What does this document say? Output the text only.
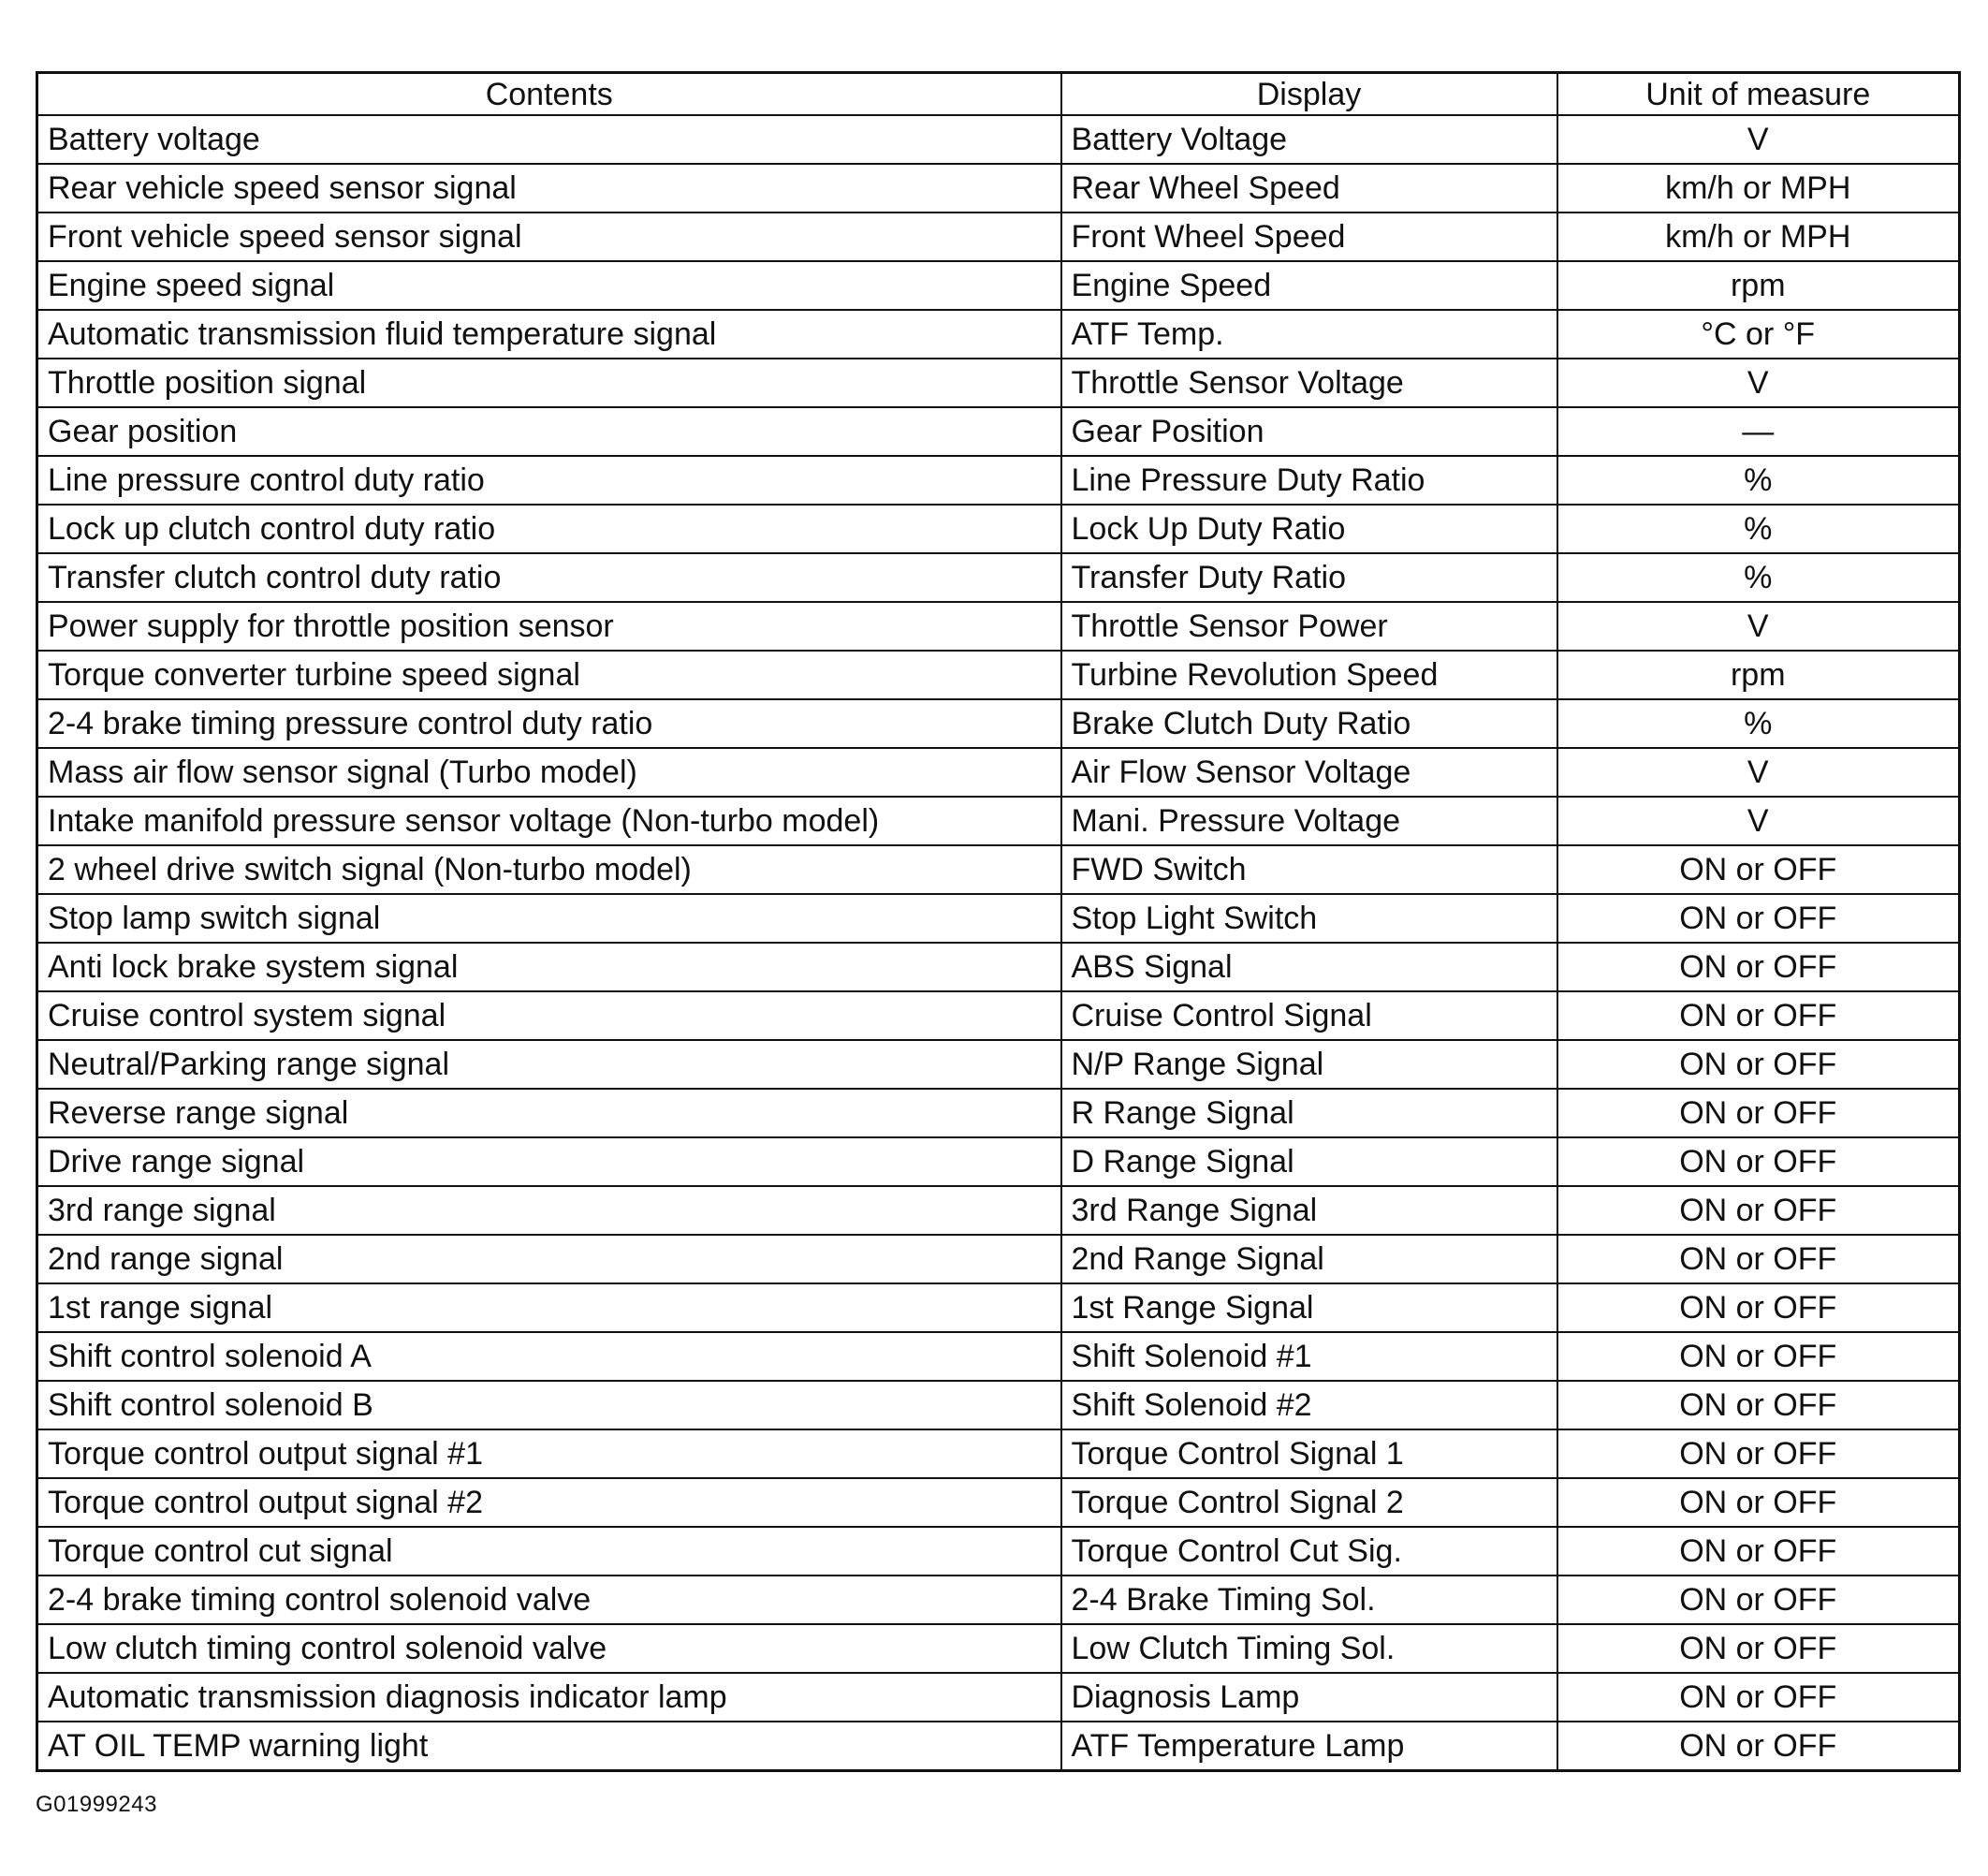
Contents	Display	Unit of measure
Battery voltage	Battery Voltage	V
Rear vehicle speed sensor signal	Rear Wheel Speed	km/h or MPH
Front vehicle speed sensor signal	Front Wheel Speed	km/h or MPH
Engine speed signal	Engine Speed	rpm
Automatic transmission fluid temperature signal	ATF Temp.	°C or °F
Throttle position signal	Throttle Sensor Voltage	V
Gear position	Gear Position	—
Line pressure control duty ratio	Line Pressure Duty Ratio	%
Lock up clutch control duty ratio	Lock Up Duty Ratio	%
Transfer clutch control duty ratio	Transfer Duty Ratio	%
Power supply for throttle position sensor	Throttle Sensor Power	V
Torque converter turbine speed signal	Turbine Revolution Speed	rpm
2-4 brake timing pressure control duty ratio	Brake Clutch Duty Ratio	%
Mass air flow sensor signal (Turbo model)	Air Flow Sensor Voltage	V
Intake manifold pressure sensor voltage (Non-turbo model)	Mani. Pressure Voltage	V
2 wheel drive switch signal (Non-turbo model)	FWD Switch	ON or OFF
Stop lamp switch signal	Stop Light Switch	ON or OFF
Anti lock brake system signal	ABS Signal	ON or OFF
Cruise control system signal	Cruise Control Signal	ON or OFF
Neutral/Parking range signal	N/P Range Signal	ON or OFF
Reverse range signal	R Range Signal	ON or OFF
Drive range signal	D Range Signal	ON or OFF
3rd range signal	3rd Range Signal	ON or OFF
2nd range signal	2nd Range Signal	ON or OFF
1st range signal	1st Range Signal	ON or OFF
Shift control solenoid A	Shift Solenoid #1	ON or OFF
Shift control solenoid B	Shift Solenoid #2	ON or OFF
Torque control output signal #1	Torque Control Signal 1	ON or OFF
Torque control output signal #2	Torque Control Signal 2	ON or OFF
Torque control cut signal	Torque Control Cut Sig.	ON or OFF
2-4 brake timing control solenoid valve	2-4 Brake Timing Sol.	ON or OFF
Low clutch timing control solenoid valve	Low Clutch Timing Sol.	ON or OFF
Automatic transmission diagnosis indicator lamp	Diagnosis Lamp	ON or OFF
AT OIL TEMP warning light	ATF Temperature Lamp	ON or OFF
G01999243
